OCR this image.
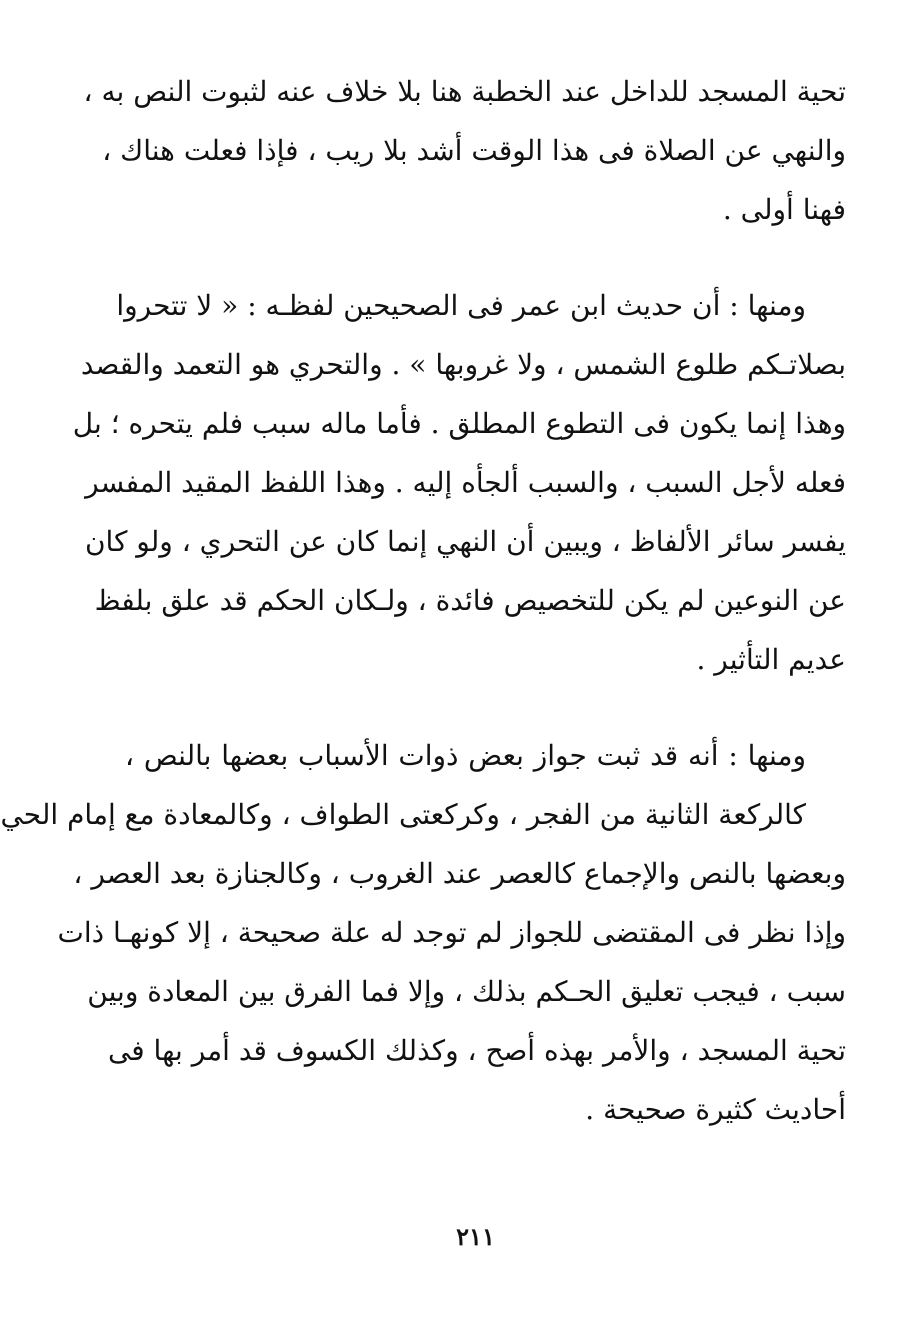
تحية المسجد للداخل عند الخطبة هنا بلا خلاف عنه لثبوت النص به ،
والنهي عن الصلاة فى هذا الوقت أشد بلا ريب ، فإذا فعلت هناك ،
فهنا أولى .
ومنها : أن حديث ابن عمر فى الصحيحين لفظـه : « لا تتحروا
بصلاتـكم طلوع الشمس ، ولا غروبها » . والتحري هو التعمد والقصد
وهذا إنما يكون فى التطوع المطلق . فأما ماله سبب فلم يتحره ؛ بل
فعله لأجل السبب ، والسبب ألجأه إليه . وهذا اللفظ المقيد المفسر
يفسر سائر الألفاظ ، ويبين أن النهي إنما كان عن التحري ، ولو كان
عن النوعين لم يكن للتخصيص فائدة ، ولـكان الحكم قد علق بلفظ
عديم التأثير .
ومنها : أنه قد ثبت جواز بعض ذوات الأسباب بعضها بالنص ،
كالركعة الثانية من الفجر ، وكركعتى الطواف ، وكالمعادة مع إمام الحي
وبعضها بالنص والإجماع كالعصر عند الغروب ، وكالجنازة بعد العصر ،
وإذا نظر فى المقتضى للجواز لم توجد له علة صحيحة ، إلا كونهـا ذات
سبب ، فيجب تعليق الحـكم بذلك ، وإلا فما الفرق بين المعادة وبين
تحية المسجد ، والأمر بهذه أصح ، وكذلك الكسوف قد أمر بها فى
أحاديث كثيرة صحيحة .
٢١١
